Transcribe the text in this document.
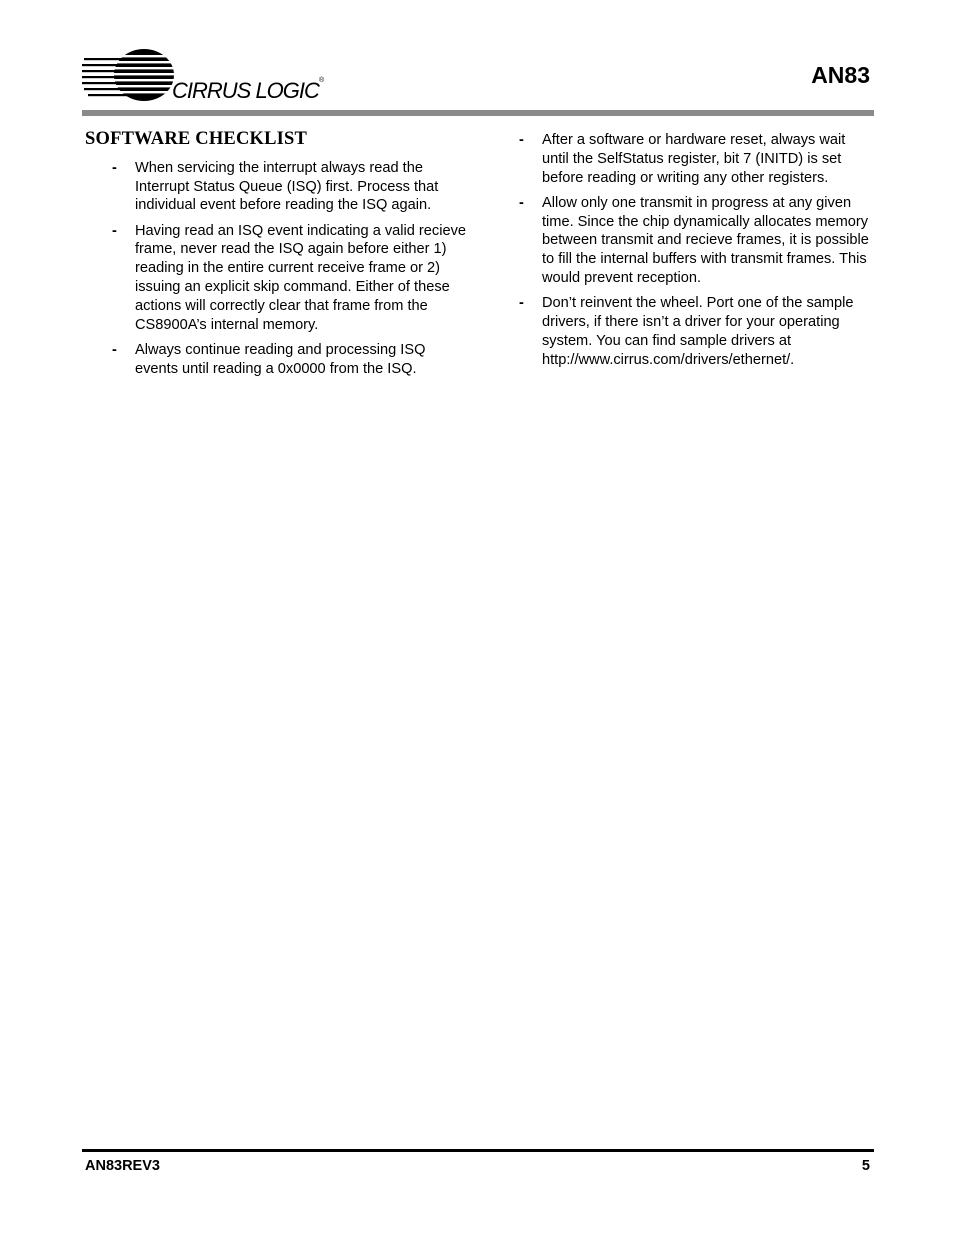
CIRRUS LOGIC ®	AN83
SOFTWARE CHECKLIST
- When servicing the interrupt always read the Interrupt Status Queue (ISQ) first. Process that individual event before reading the ISQ again.
- Having read an ISQ event indicating a valid recieve frame, never read the ISQ again before either 1) reading in the entire current receive frame or 2) issuing an explicit skip command. Either of these actions will correctly clear that frame from the CS8900A’s internal memory.
- Always continue reading and processing ISQ events until reading a 0x0000 from the ISQ.
- After a software or hardware reset, always wait until the SelfStatus register, bit 7 (INITD) is set before reading or writing any other registers.
- Allow only one transmit in progress at any given time. Since the chip dynamically allocates memory between transmit and recieve frames, it is possible to fill the internal buffers with transmit frames. This would prevent reception.
- Don’t reinvent the wheel. Port one of the sample drivers, if there isn’t a driver for your operating system. You can find sample drivers at http://www.cirrus.com/drivers/ethernet/.
AN83REV3	5
